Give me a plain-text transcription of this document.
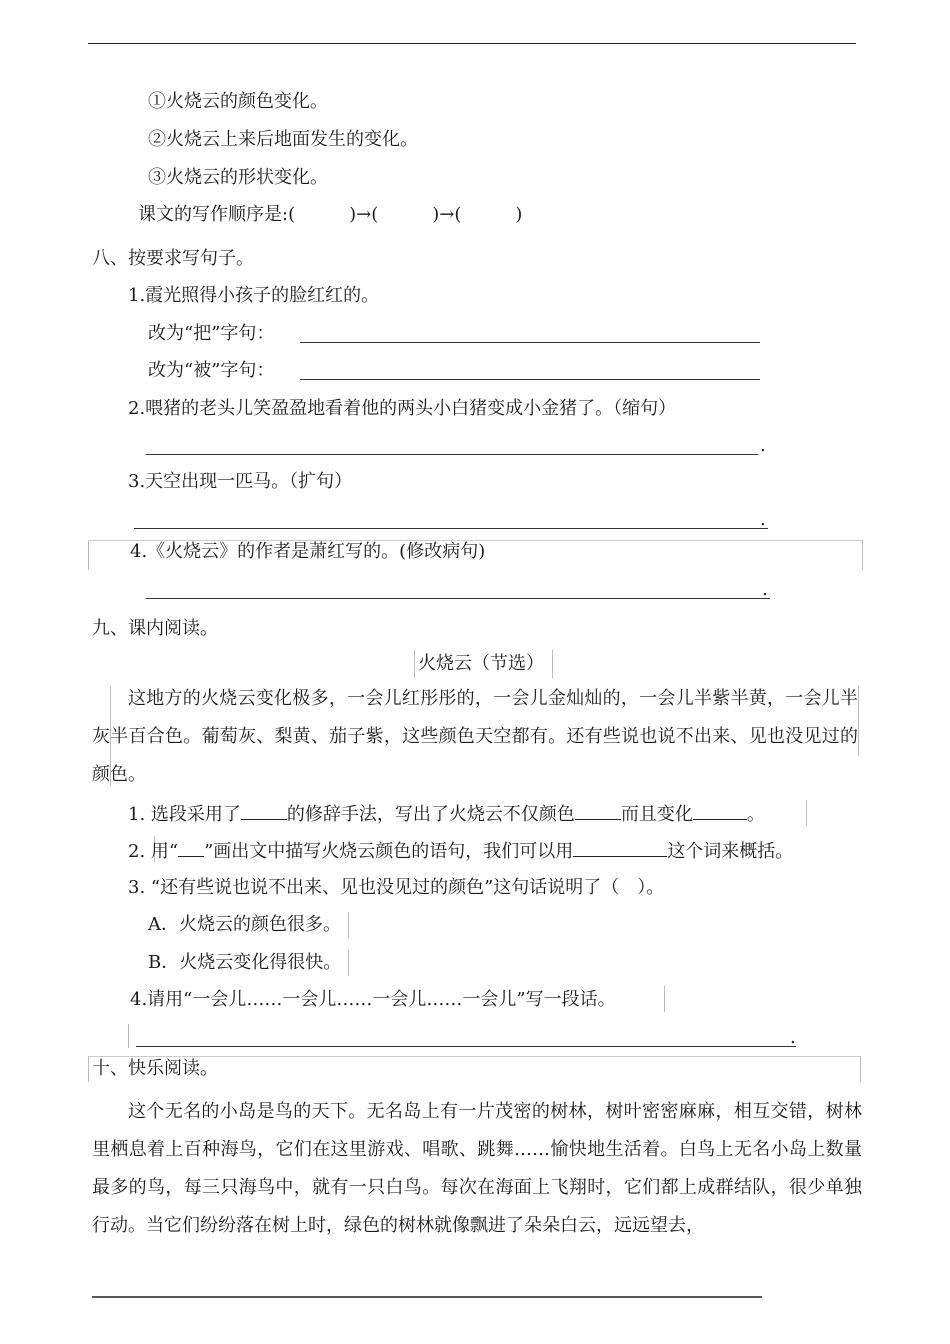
①火烧云的颜色变化。
②火烧云上来后地面发生的变化。
③火烧云的形状变化。
课文的写作顺序是:(　　　)→(　　　)→(　　　)
八、按要求写句子。
1.霞光照得小孩子的脸红红的。
改为“把”字句：
改为“被”字句：
2.喂猪的老头儿笑盈盈地看着他的两头小白猪变成小金猪了。（缩句）
.
3.天空出现一匹马。（扩句）
.
4.《火烧云》的作者是萧红写的。(修改病句)
.
九、课内阅读。
火烧云（节选）
这地方的火烧云变化极多，一会儿红彤彤的，一会儿金灿灿的，一会儿半紫半黄，一会儿半灰半百合色。葡萄灰、梨黄、茄子紫，这些颜色天空都有。还有些说也说不出来、见也没见过的颜色。
1. 选段采用了	的修辞手法，写出了火烧云不仅颜色	而且变化	。
2. 用“ ”画出文中描写火烧云颜色的语句，我们可以用	这个词来概括。
3. “还有些说也说不出来、见也没见过的颜色”这句话说明了（　）。
A．火烧云的颜色很多。
B．火烧云变化得很快。
4.请用“一会儿……一会儿……一会儿……一会儿”写一段话。
.
十、快乐阅读。
这个无名的小岛是鸟的天下。无名岛上有一片茂密的树林，树叶密密麻麻，相互交错，树林里栖息着上百种海鸟，它们在这里游戏、唱歌、跳舞……愉快地生活着。白鸟上无名小岛上数量最多的鸟，每三只海鸟中，就有一只白鸟。每次在海面上飞翔时，它们都上成群结队，很少单独行动。当它们纷纷落在树上时，绿色的树林就像飘进了朵朵白云，远远望去，
